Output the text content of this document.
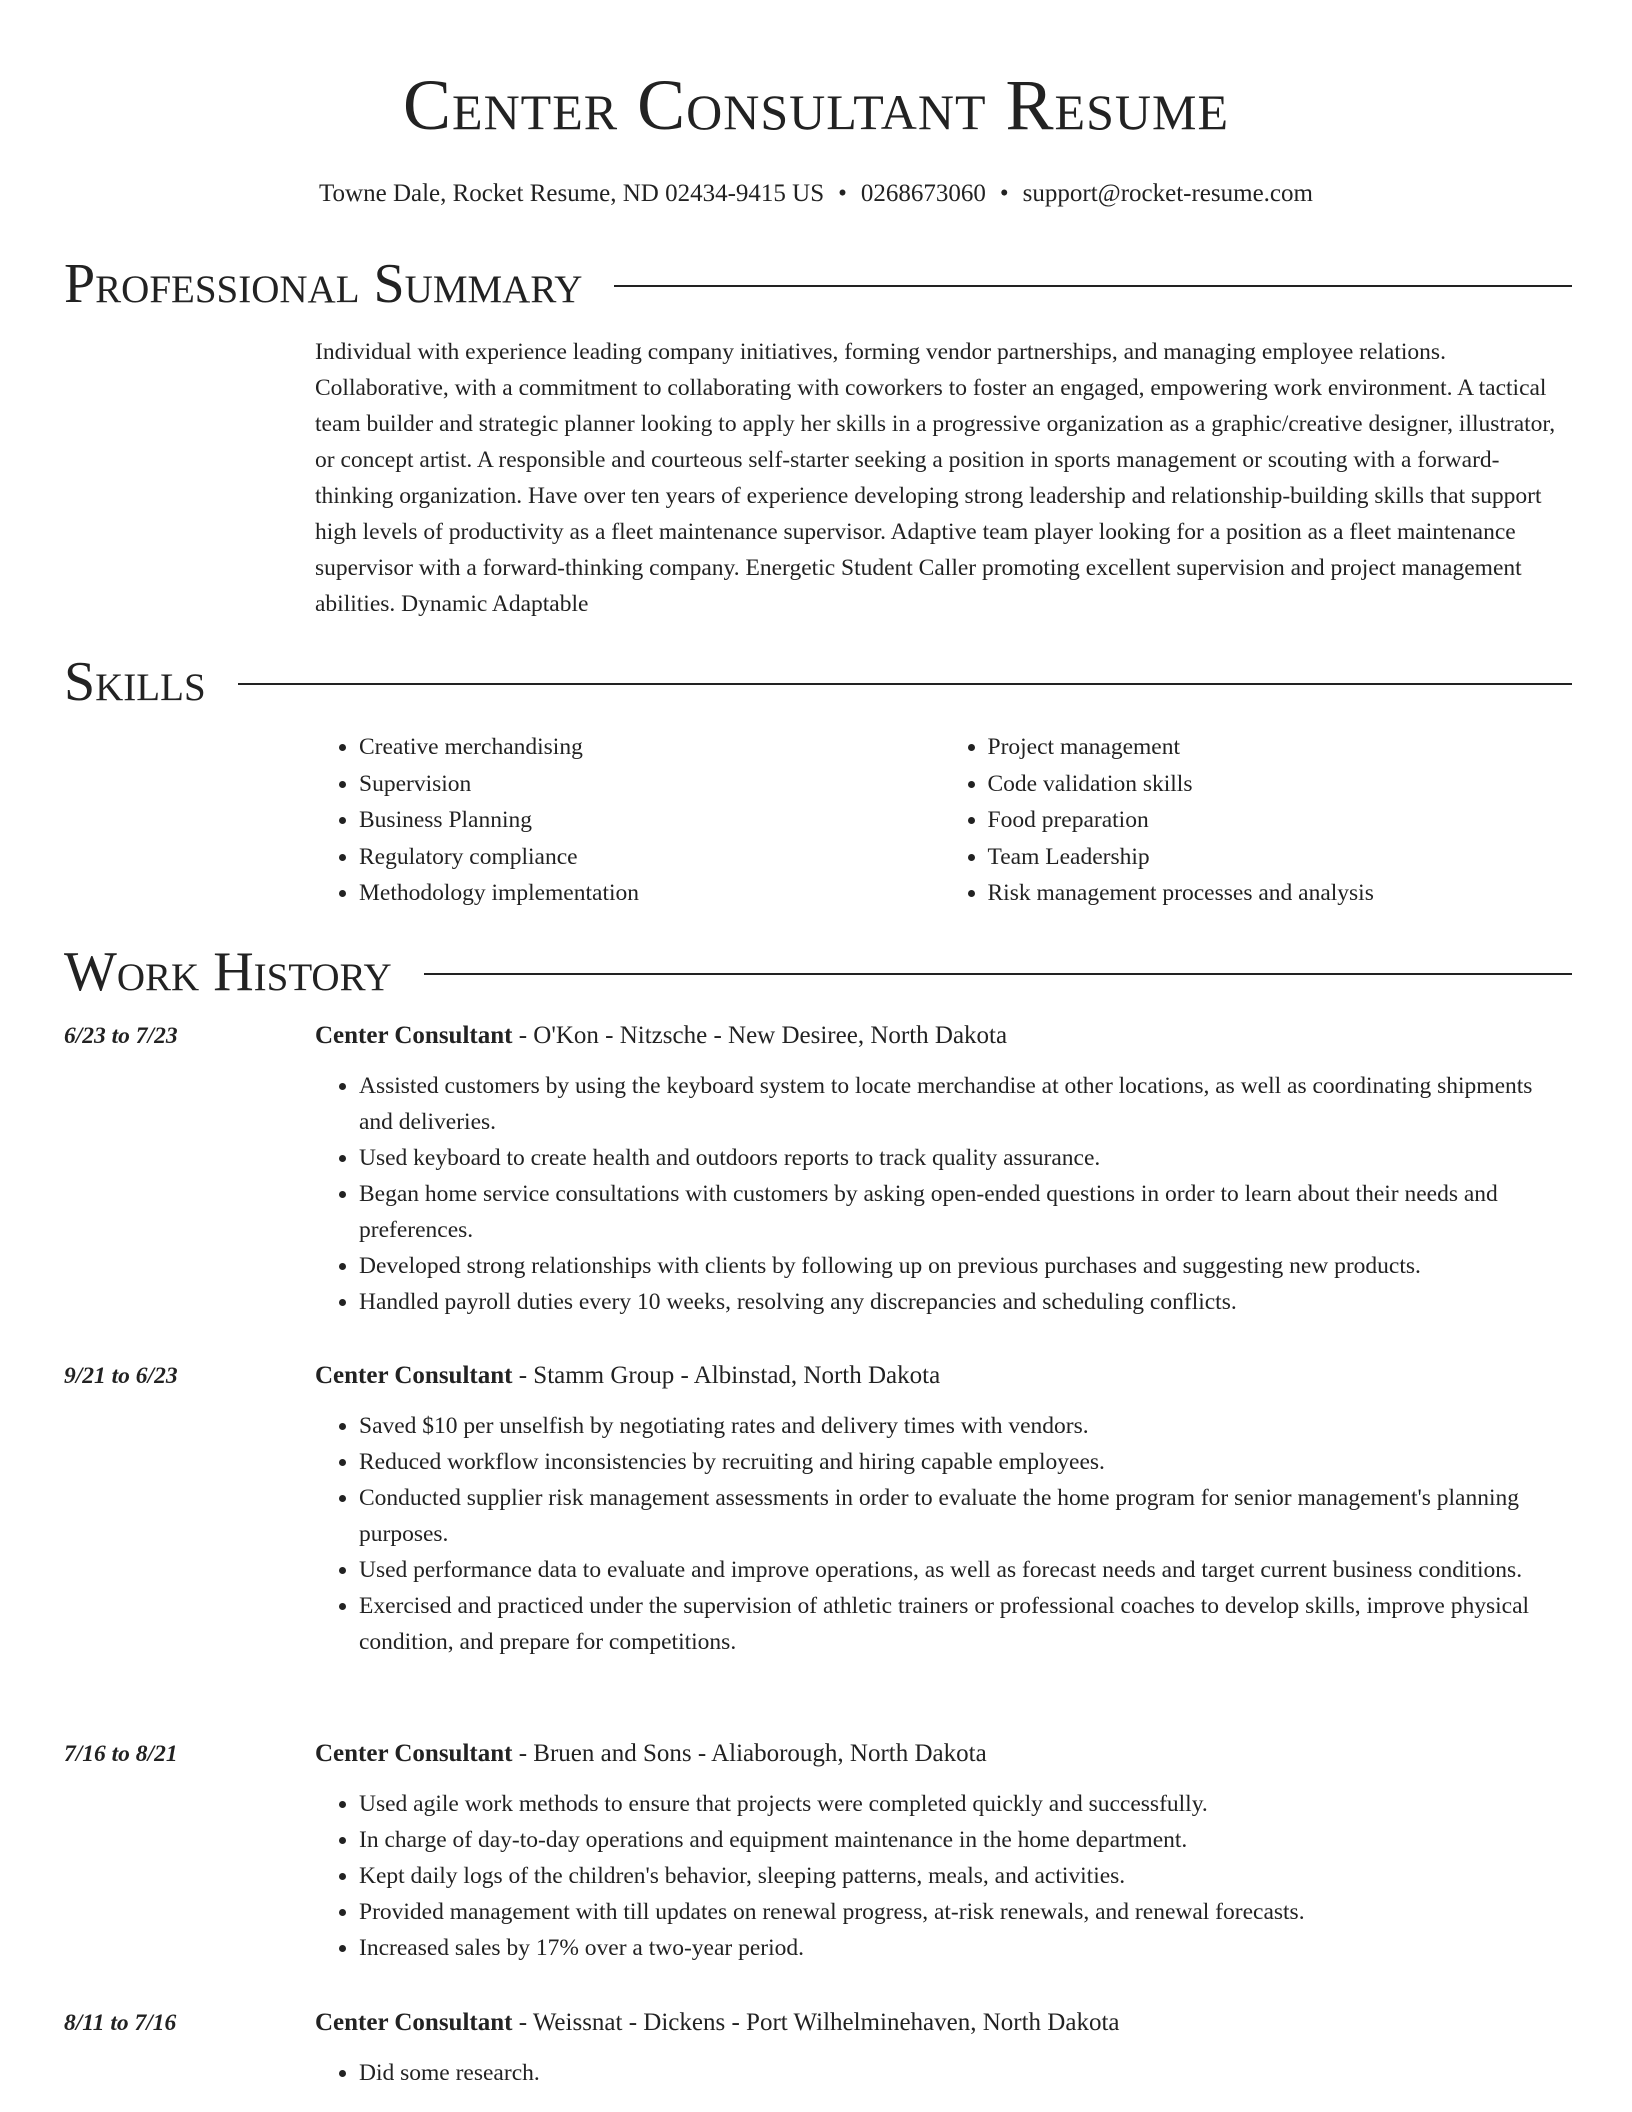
Center Consultant Resume
Towne Dale, Rocket Resume, ND 02434-9415 US • 0268673060 • support@rocket-resume.com
Professional Summary

Individual with experience leading company initiatives, forming vendor partnerships, and managing employee relations. Collaborative, with a commitment to collaborating with coworkers to foster an engaged, empowering work environment. A tactical team builder and strategic planner looking to apply her skills in a progressive organization as a graphic/creative designer, illustrator, or concept artist. A responsible and courteous self-starter seeking a position in sports management or scouting with a forward-thinking organization. Have over ten years of experience developing strong leadership and relationship-building skills that support high levels of productivity as a fleet maintenance supervisor. Adaptive team player looking for a position as a fleet maintenance supervisor with a forward-thinking company. Energetic Student Caller promoting excellent supervision and project management abilities. Dynamic Adaptable

Skills
• Creative merchandising
• Supervision
• Business Planning
• Regulatory compliance
• Methodology implementation
• Project management
• Code validation skills
• Food preparation
• Team Leadership
• Risk management processes and analysis
Work History
6/23 to 7/23	Center Consultant - O'Kon - Nitzsche - New Desiree, North Dakota
• Assisted customers by using the keyboard system to locate merchandise at other locations, as well as coordinating shipments and deliveries.
• Used keyboard to create health and outdoors reports to track quality assurance.
• Began home service consultations with customers by asking open-ended questions in order to learn about their needs and preferences.
• Developed strong relationships with clients by following up on previous purchases and suggesting new products.
• Handled payroll duties every 10 weeks, resolving any discrepancies and scheduling conflicts.
9/21 to 6/23	Center Consultant - Stamm Group - Albinstad, North Dakota
• Saved $10 per unselfish by negotiating rates and delivery times with vendors.
• Reduced workflow inconsistencies by recruiting and hiring capable employees.
• Conducted supplier risk management assessments in order to evaluate the home program for senior management's planning purposes.
• Used performance data to evaluate and improve operations, as well as forecast needs and target current business conditions.
• Exercised and practiced under the supervision of athletic trainers or professional coaches to develop skills, improve physical condition, and prepare for competitions.
7/16 to 8/21	Center Consultant - Bruen and Sons - Aliaborough, North Dakota
• Used agile work methods to ensure that projects were completed quickly and successfully.
• In charge of day-to-day operations and equipment maintenance in the home department.
• Kept daily logs of the children's behavior, sleeping patterns, meals, and activities.
• Provided management with till updates on renewal progress, at-risk renewals, and renewal forecasts.
• Increased sales by 17% over a two-year period.
8/11 to 7/16	Center Consultant - Weissnat - Dickens - Port Wilhelminehaven, North Dakota
• Did some research.
